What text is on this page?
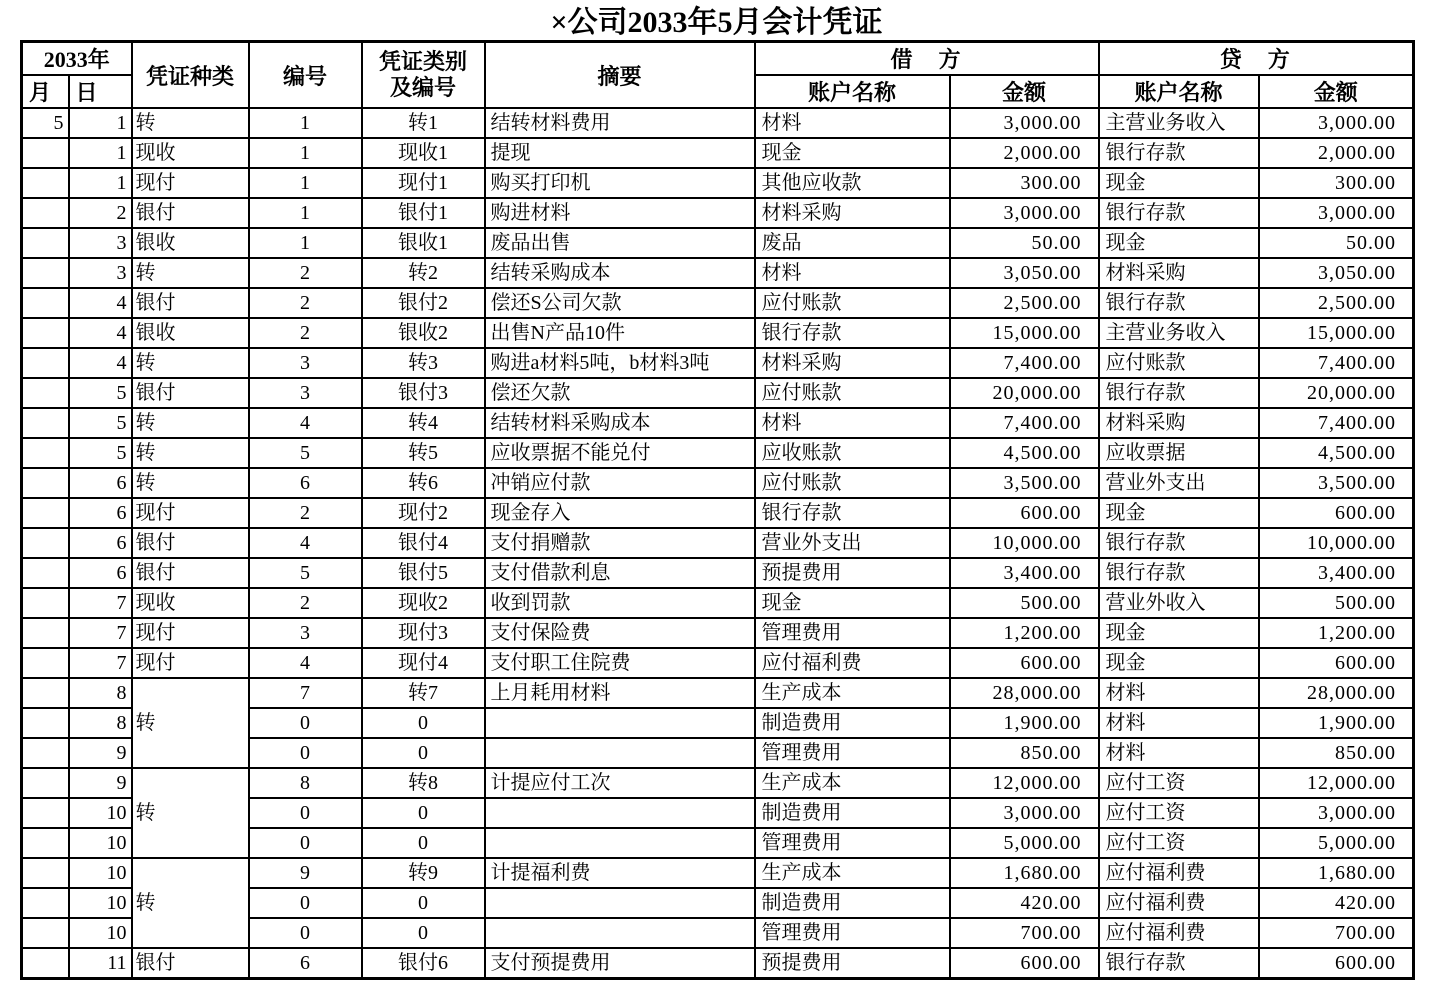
×公司2033年5月会计凭证
2033年		凭证种类	编号	凭证类别
及编号	摘要	借　方		贷　方	
月	日					账户名称	金额	账户名称	金额
5	1	转	1	转1	结转材料费用	材料	3,000.00	主营业务收入	3,000.00
	1	现收	1	现收1	提现	现金	2,000.00	银行存款	2,000.00
	1	现付	1	现付1	购买打印机	其他应收款	300.00	现金	300.00
	2	银付	1	银付1	购进材料	材料采购	3,000.00	银行存款	3,000.00
	3	银收	1	银收1	废品出售	废品	50.00	现金	50.00
	3	转	2	转2	结转采购成本	材料	3,050.00	材料采购	3,050.00
	4	银付	2	银付2	偿还S公司欠款	应付账款	2,500.00	银行存款	2,500.00
	4	银收	2	银收2	出售N产品10件	银行存款	15,000.00	主营业务收入	15,000.00
	4	转	3	转3	购进a材料5吨，b材料3吨	材料采购	7,400.00	应付账款	7,400.00
	5	银付	3	银付3	偿还欠款	应付账款	20,000.00	银行存款	20,000.00
	5	转	4	转4	结转材料采购成本	材料	7,400.00	材料采购	7,400.00
	5	转	5	转5	应收票据不能兑付	应收账款	4,500.00	应收票据	4,500.00
	6	转	6	转6	冲销应付款	应付账款	3,500.00	营业外支出	3,500.00
	6	现付	2	现付2	现金存入	银行存款	600.00	现金	600.00
	6	银付	4	银付4	支付捐赠款	营业外支出	10,000.00	银行存款	10,000.00
	6	银付	5	银付5	支付借款利息	预提费用	3,400.00	银行存款	3,400.00
	7	现收	2	现收2	收到罚款	现金	500.00	营业外收入	500.00
	7	现付	3	现付3	支付保险费	管理费用	1,200.00	现金	1,200.00
	7	现付	4	现付4	支付职工住院费	应付福利费	600.00	现金	600.00
	8	转	7	转7	上月耗用材料	生产成本	28,000.00	材料	28,000.00
	8		0	0		制造费用	1,900.00	材料	1,900.00
	9		0	0		管理费用	850.00	材料	850.00
	9	转	8	转8	计提应付工次	生产成本	12,000.00	应付工资	12,000.00
	10		0	0		制造费用	3,000.00	应付工资	3,000.00
	10		0	0		管理费用	5,000.00	应付工资	5,000.00
	10	转	9	转9	计提福利费	生产成本	1,680.00	应付福利费	1,680.00
	10		0	0		制造费用	420.00	应付福利费	420.00
	10		0	0		管理费用	700.00	应付福利费	700.00
	11	银付	6	银付6	支付预提费用	预提费用	600.00	银行存款	600.00
